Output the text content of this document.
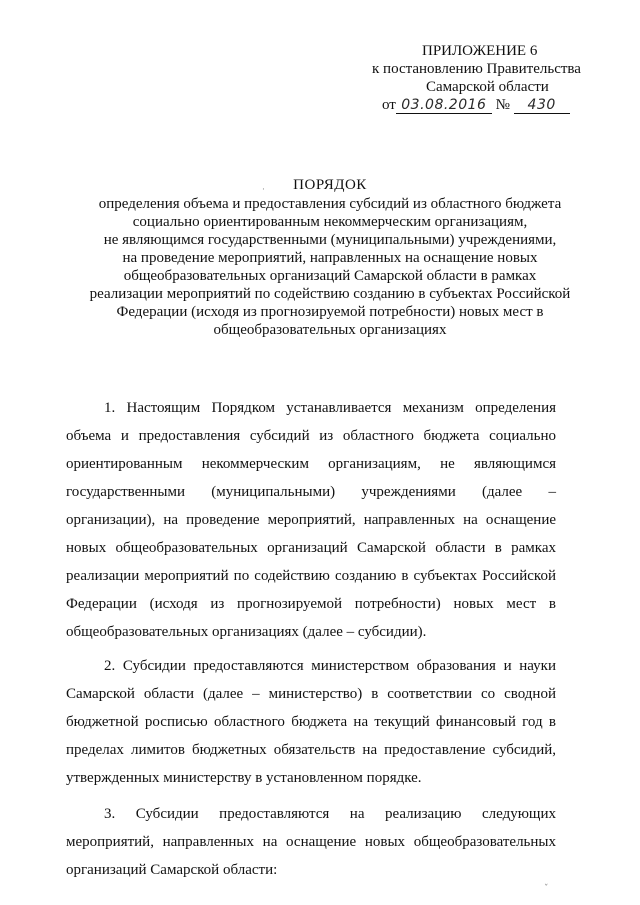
ПРИЛОЖЕНИЕ 6
к постановлению Правительства
Самарской области
от 03.08.2016 № 430
ПОРЯДОК
определения объема и предоставления субсидий из областного бюджета
социально ориентированным некоммерческим организациям,
не являющимся государственными (муниципальными) учреждениями,
на проведение мероприятий, направленных на оснащение новых
общеобразовательных организаций Самарской области в рамках
реализации мероприятий по содействию созданию в субъектах Российской
Федерации (исходя из прогнозируемой потребности) новых мест в
общеобразовательных организациях

1. Настоящим Порядком устанавливается механизм определения объема и предоставления субсидий из областного бюджета социально ориентированным некоммерческим организациям, не являющимся государственными (муниципальными) учреждениями (далее – организации), на проведение мероприятий, направленных на оснащение новых общеобразовательных организаций Самарской области в рамках реализации мероприятий по содействию созданию в субъектах Российской Федерации (исходя из прогнозируемой потребности) новых мест в общеобразовательных организациях (далее – субсидии).

2. Субсидии предоставляются министерством образования и науки Самарской области (далее – министерство) в соответствии со сводной бюджетной росписью областного бюджета на текущий финансовый год в пределах лимитов бюджетных обязательств на предоставление субсидий, утвержденных министерству в установленном порядке.

3. Субсидии предоставляются на реализацию следующих мероприятий, направленных на оснащение новых общеобразовательных организаций Самарской области:

·
ˇ
